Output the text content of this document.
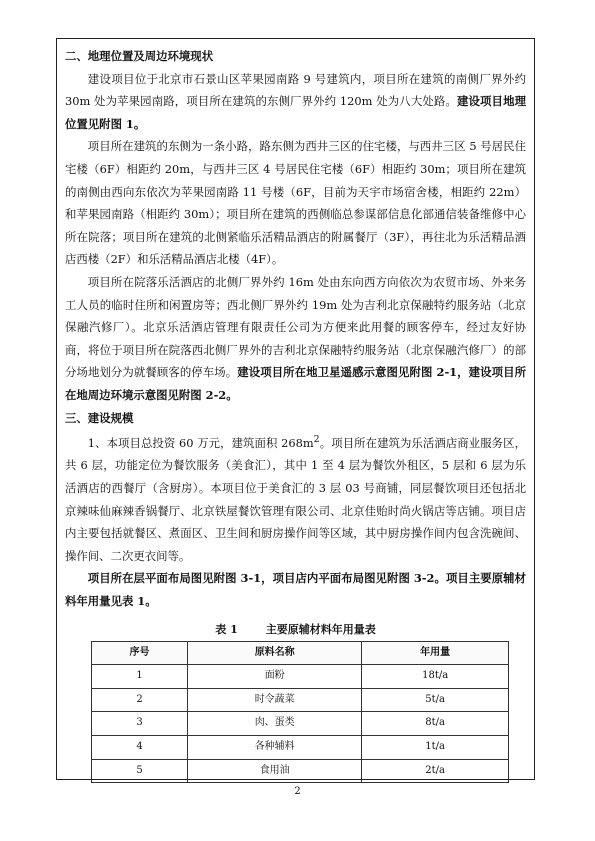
二、地理位置及周边环境现状

建设项目位于北京市石景山区苹果园南路 9 号建筑内，项目所在建筑的南侧厂界外约 30m 处为苹果园南路，项目所在建筑的东侧厂界外约 120m 处为八大处路。建设项目地理位置见附图 1。

项目所在建筑的东侧为一条小路，路东侧为西井三区的住宅楼，与西井三区 5 号居民住宅楼（6F）相距约 20m，与西井三区 4 号居民住宅楼（6F）相距约 30m；项目所在建筑的南侧由西向东依次为苹果园南路 11 号楼（6F，目前为天宇市场宿舍楼，相距约 22m）和苹果园南路（相距约 30m）；项目所在建筑的西侧临总参谋部信息化部通信装备维修中心所在院落；项目所在建筑的北侧紧临乐活精品酒店的附属餐厅（3F），再往北为乐活精品酒店西楼（2F）和乐活精品酒店北楼（4F）。

项目所在院落乐活酒店的北侧厂界外约 16m 处由东向西方向依次为农贸市场、外来务工人员的临时住所和闲置房等；西北侧厂界外约 19m 处为吉利北京保融特约服务站（北京保融汽修厂）。北京乐活酒店管理有限责任公司为方便来此用餐的顾客停车，经过友好协商，将位于项目所在院落西北侧厂界外的吉利北京保融特约服务站（北京保融汽修厂）的部分场地划分为就餐顾客的停车场。建设项目所在地卫星遥感示意图见附图 2-1，建设项目所在地周边环境示意图见附图 2-2。

三、建设规模

1、本项目总投资 60 万元，建筑面积 $268m^2$。项目所在建筑为乐活酒店商业服务区，共 6 层，功能定位为餐饮服务（美食汇），其中 1 至 4 层为餐饮外租区，5 层和 6 层为乐活酒店的西餐厅（含厨房）。本项目位于美食汇的 3 层 03 号商铺，同层餐饮项目还包括北京辣味仙麻辣香锅餐厅、北京铁屋餐饮管理有限公司、北京佳贻时尚火锅店等店铺。项目店内主要包括就餐区、煮面区、卫生间和厨房操作间等区域，其中厨房操作间内包含洗碗间、操作间、二次更衣间等。

项目所在层平面布局图见附图 3-1，项目店内平面布局图见附图 3-2。项目主要原辅材料年用量见表 1。

表 1	主要原辅材料年用量表
序号	原料名称	年用量
1	面粉	18t/a
2	时令蔬菜	5t/a
3	肉、蛋类	8t/a
4	各种辅料	1t/a
5	食用油	2t/a
2
